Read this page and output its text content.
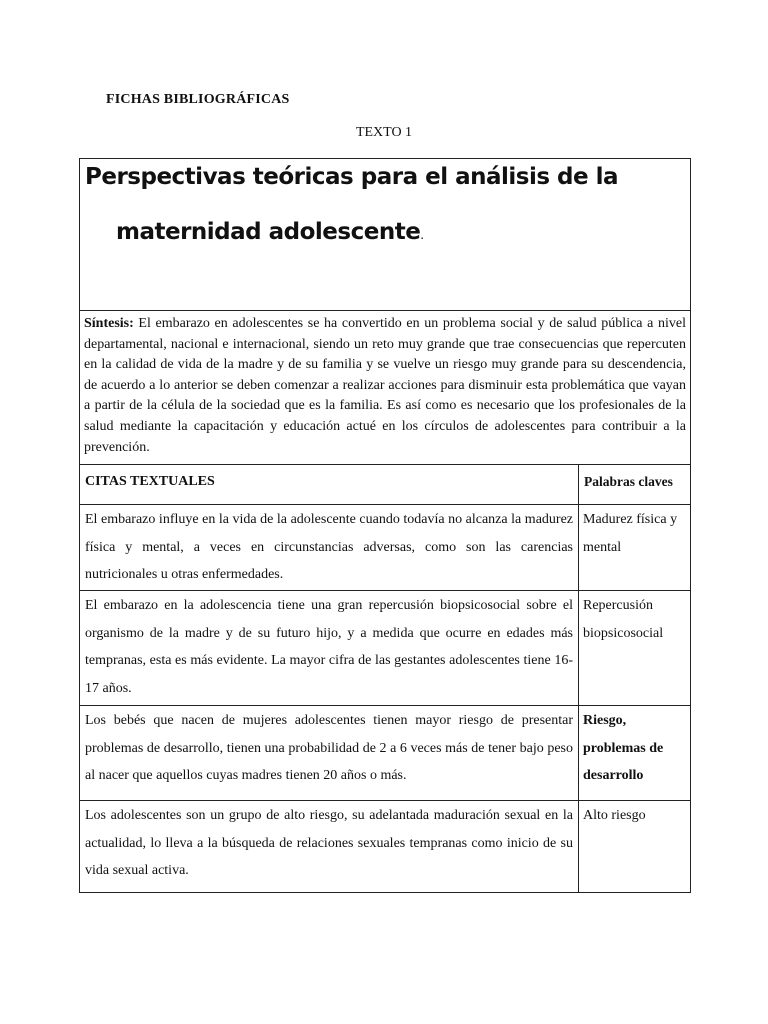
FICHAS BIBLIOGRÁFICAS
TEXTO 1
Perspectivas teóricas para el análisis de la
maternidad adolescente.	

Síntesis: El embarazo en adolescentes se ha convertido en un problema social y de salud pública a nivel departamental, nacional e internacional, siendo un reto muy grande que trae consecuencias que repercuten en la calidad de vida de la madre y de su familia y se vuelve un riesgo muy grande para su descendencia, de acuerdo a lo anterior se deben comenzar a realizar acciones para disminuir esta problemática que vayan a partir de la célula de la sociedad que es la familia. Es así como es necesario que los profesionales de la salud mediante la capacitación y educación actué en los círculos de adolescentes para contribuir a la prevención.	
CITAS TEXTUALES	Palabras claves
El embarazo influye en la vida de la adolescente cuando todavía no alcanza la madurez física y mental, a veces en circunstancias adversas, como son las carencias nutricionales u otras enfermedades.	Madurez física y mental
El embarazo en la adolescencia tiene una gran repercusión biopsicosocial sobre el organismo de la madre y de su futuro hijo, y a medida que ocurre en edades más tempranas, esta es más evidente. La mayor cifra de las gestantes adolescentes tiene 16-17 años.	Repercusión biopsicosocial
Los bebés que nacen de mujeres adolescentes tienen mayor riesgo de presentar problemas de desarrollo, tienen una probabilidad de 2 a 6 veces más de tener bajo peso al nacer que aquellos cuyas madres tienen 20 años o más.	Riesgo, problemas de desarrollo
Los adolescentes son un grupo de alto riesgo, su adelantada maduración sexual en la actualidad, lo lleva a la búsqueda de relaciones sexuales tempranas como inicio de su vida sexual activa.	Alto riesgo
